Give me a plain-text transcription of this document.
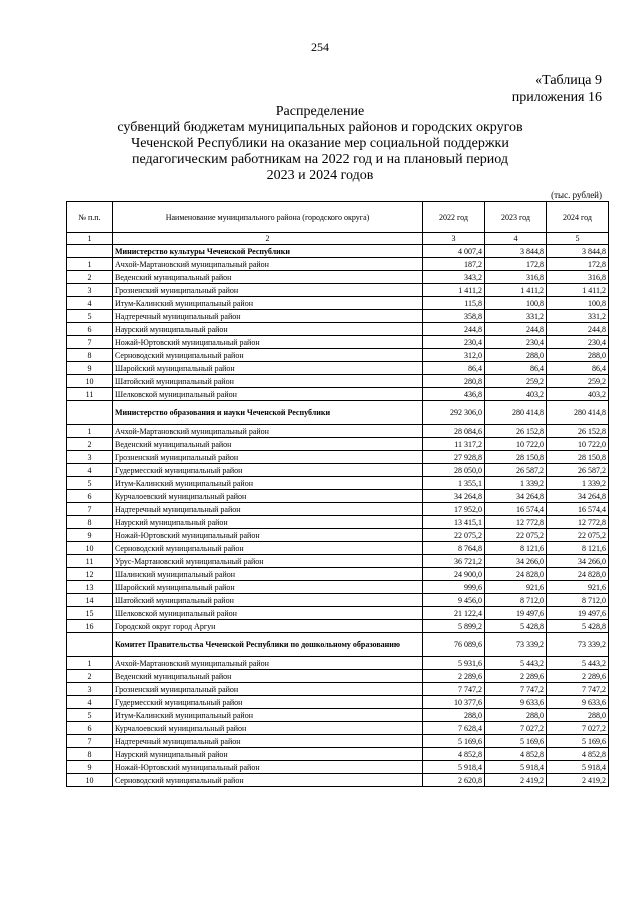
254
«Таблица 9
приложения 16
Распределение
субвенций бюджетам муниципальных районов и городских округов
Чеченской Республики на оказание мер социальной поддержки
педагогическим работникам на 2022 год и на плановый период
2023 и 2024 годов
(тыс. рублей)
№ п.п.	Наименование муниципального района (городского округа)	2022 год	2023 год	2024 год
1	2	3	4	5
	Министерство культуры Чеченской Республики	4 007,4	3 844,8	3 844,8
1	Ачхой-Мартановский муниципальный район	187,2	172,8	172,8
2	Веденский муниципальный район	343,2	316,8	316,8
3	Грозненский муниципальный район	1 411,2	1 411,2	1 411,2
4	Итум-Калинский муниципальный район	115,8	100,8	100,8
5	Надтеречный муниципальный район	358,8	331,2	331,2
6	Наурский муниципальный район	244,8	244,8	244,8
7	Ножай-Юртовский муниципальный район	230,4	230,4	230,4
8	Серноводский муниципальный район	312,0	288,0	288,0
9	Шаройский муниципальный район	86,4	86,4	86,4
10	Шатойский муниципальный район	280,8	259,2	259,2
11	Шелковской муниципальный район	436,8	403,2	403,2
	Министерство образования и науки Чеченской Республики	292 306,0	280 414,8	280 414,8
1	Ачхой-Мартановский муниципальный район	28 084,6	26 152,8	26 152,8
2	Веденский муниципальный район	11 317,2	10 722,0	10 722,0
3	Грозненский муниципальный район	27 928,8	28 150,8	28 150,8
4	Гудермесский муниципальный район	28 050,0	26 587,2	26 587,2
5	Итум-Калинский муниципальный район	1 355,1	1 339,2	1 339,2
6	Курчалоевский муниципальный район	34 264,8	34 264,8	34 264,8
7	Надтеречный муниципальный район	17 952,0	16 574,4	16 574,4
8	Наурский муниципальный район	13 415,1	12 772,8	12 772,8
9	Ножай-Юртовский муниципальный район	22 075,2	22 075,2	22 075,2
10	Серноводский муниципальный район	8 764,8	8 121,6	8 121,6
11	Урус-Мартановский муниципальный район	36 721,2	34 266,0	34 266,0
12	Шалинский муниципальный район	24 900,0	24 828,0	24 828,0
13	Шаройский муниципальный район	999,6	921,6	921,6
14	Шатойский муниципальный район	9 456,0	8 712,0	8 712,0
15	Шелковской муниципальный район	21 122,4	19 497,6	19 497,6
16	Городской округ город Аргун	5 899,2	5 428,8	5 428,8
	Комитет Правительства Чеченской Республики по дошкольному образованию	76 089,6	73 339,2	73 339,2
1	Ачхой-Мартановский муниципальный район	5 931,6	5 443,2	5 443,2
2	Веденский муниципальный район	2 289,6	2 289,6	2 289,6
3	Грозненский муниципальный район	7 747,2	7 747,2	7 747,2
4	Гудермесский муниципальный район	10 377,6	9 633,6	9 633,6
5	Итум-Калинский муниципальный район	288,0	288,0	288,0
6	Курчалоевский муниципальный район	7 628,4	7 027,2	7 027,2
7	Надтеречный муниципальный район	5 169,6	5 169,6	5 169,6
8	Наурский муниципальный район	4 852,8	4 852,8	4 852,8
9	Ножай-Юртовский муниципальный район	5 918,4	5 918,4	5 918,4
10	Серноводский муниципальный район	2 620,8	2 419,2	2 419,2
